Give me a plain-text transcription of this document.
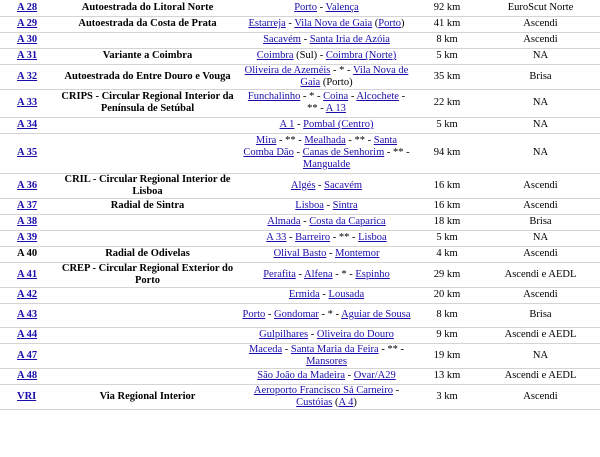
A 28	Autoestrada do Litoral Norte	Porto - Valença	92 km	EuroScut Norte
A 29	Autoestrada da Costa de Prata	Estarreja - Vila Nova de Gaia (Porto)	41 km	Ascendi
A 30		Sacavém - Santa Iria de Azóia	8 km	Ascendi
A 31	Variante a Coimbra	Coimbra (Sul) - Coimbra (Norte)	5 km	NA
A 32	Autoestrada do Entre Douro e Vouga	Oliveira de Azeméis - * - Vila Nova de Gaia (Porto)	35 km	Brisa
A 33	CRIPS - Circular Regional Interior da Península de Setúbal	Funchalinho - * - Coina - Alcochete - ** - A 13	22 km	NA
A 34		A 1 - Pombal (Centro)	5 km	NA
A 35		Mira - ** - Mealhada - ** - Santa Comba Dão - Canas de Senhorim - ** -Mangualde	94 km	NA
A 36	CRIL - Circular Regional Interior de Lisboa	Algés - Sacavém	16 km	Ascendi
A 37	Radial de Sintra	Lisboa - Sintra	16 km	Ascendi
A 38		Almada - Costa da Caparica	18 km	Brisa
A 39		A 33 - Barreiro - ** - Lisboa	5 km	NA
A 40	Radial de Odivelas	Olival Basto - Montemor	4 km	Ascendi
A 41	CREP - Circular Regional Exterior do Porto	Perafita - Alfena - * - Espinho	29 km	Ascendi e AEDL
A 42		Ermida - Lousada	20 km	Ascendi
A 43		Porto - Gondomar - * - Aguiar de Sousa	8 km	Brisa
A 44		Gulpilhares - Oliveira do Douro	9 km	Ascendi e AEDL
A 47		Maceda - Santa Maria da Feira - ** - Mansores	19 km	NA
A 48		São João da Madeira - Ovar/A29	13 km	Ascendi e AEDL
VRI	Via Regional Interior	Aeroporto Francisco Sá Carneiro - Custóias (A 4)	3 km	Ascendi
